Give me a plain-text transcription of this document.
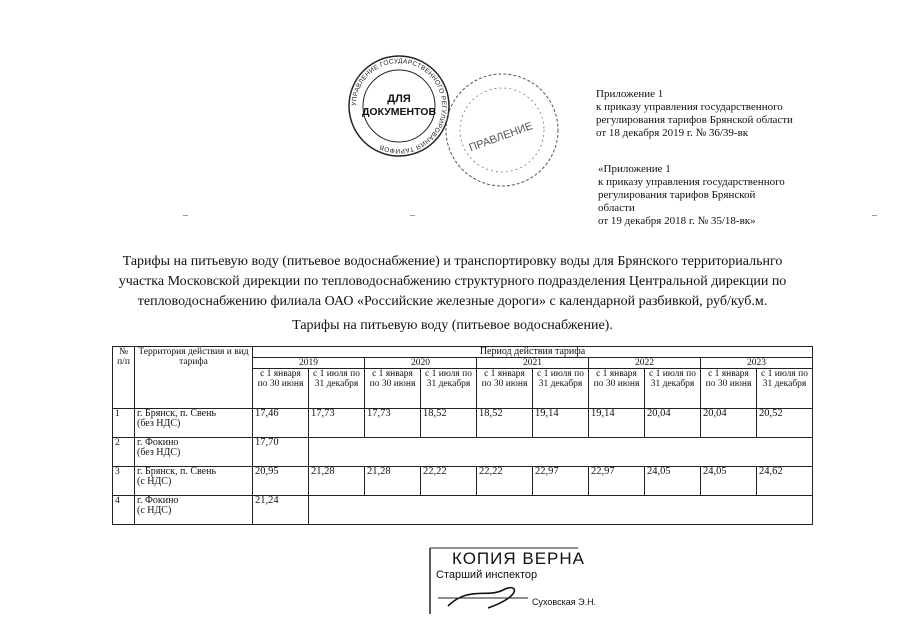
УПРАВЛЕНИЕ ГОСУДАРСТВЕННОГО РЕГУЛИРОВАНИЯ ТАРИФОВ
ДЛЯ
ДОКУМЕНТОВ
ПРАВЛЕНИЕ
Приложение 1
к приказу управления государственного
регулирования тарифов Брянской области
от 18 декабря 2019 г. № 36/39-вк
«Приложение 1
к приказу управления государственного
регулирования тарифов Брянской
области
от 19 декабря 2018 г. № 35/18-вк»
–	–	–
Тарифы на питьевую воду (питьевое водоснабжение) и транспортировку воды для Брянского территориальнго
участка Московской дирекции по тепловодоснабжению структурного подразделения Центральной дирекции по
тепловодоснабжению филиала ОАО «Российские железные дороги» с календарной разбивкой, руб/куб.м.
Тарифы на питьевую воду (питьевое водоснабжение).
№ п/п	Территория действия и вид тарифа	Период действия тарифа									
		2019		2020		2021		2022		2023	
		с 1 января по 30 июня	с 1 июля по 31 декабря	с 1 января по 30 июня	с 1 июля по 31 декабря	с 1 января по 30 июня	с 1 июля по 31 декабря	с 1 января по 30 июня	с 1 июля по 31 декабря	с 1 января по 30 июня	с 1 июля по 31 декабря
1	г. Брянск, п. Свень
(без НДС)	17,46	17,73	17,73	18,52	18,52	19,14	19,14	20,04	20,04	20,52
2	г. Фокино
(без НДС)	17,70									
3	г. Брянск, п. Свень
(с НДС)	20,95	21,28	21,28	22,22	22,22	22,97	22,97	24,05	24,05	24,62
4	г. Фокино
(с НДС)	21,24									
КОПИЯ ВЕРНА
Старший инспектор
Суховская Э.Н.
